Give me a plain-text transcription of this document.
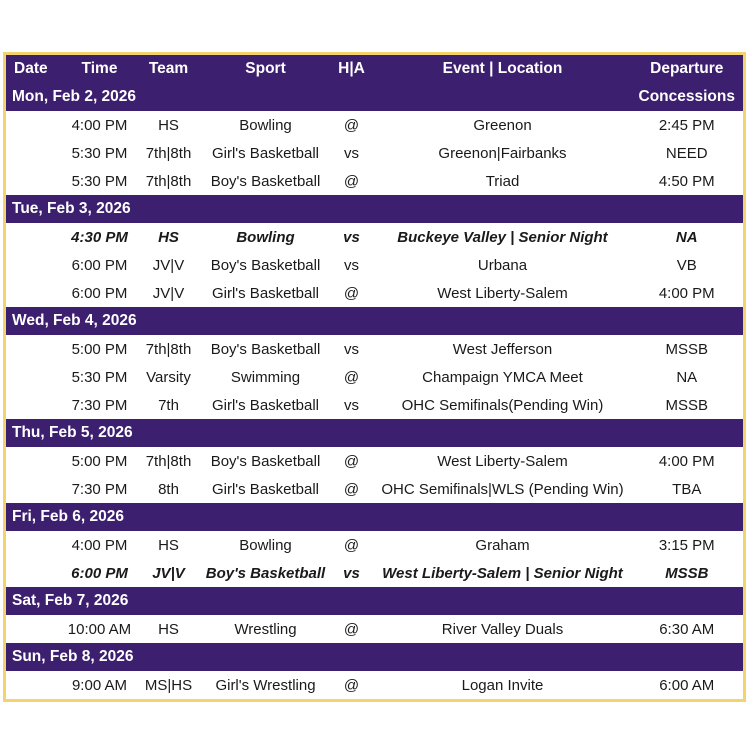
Date	Time	Team	Sport	H|A	Event | Location	Departure
Mon, Feb 2, 2026						Concessions
	4:00 PM	HS	Bowling	@	Greenon	2:45 PM
	5:30 PM	7th|8th	Girl's Basketball	vs	Greenon|Fairbanks	NEED
	5:30 PM	7th|8th	Boy's Basketball	@	Triad	4:50 PM
Tue, Feb 3, 2026						
	4:30 PM	HS	Bowling	vs	Buckeye Valley | Senior Night	NA
	6:00 PM	JV|V	Boy's Basketball	vs	Urbana	VB
	6:00 PM	JV|V	Girl's Basketball	@	West Liberty-Salem	4:00 PM
Wed, Feb 4, 2026						
	5:00 PM	7th|8th	Boy's Basketball	vs	West Jefferson	MSSB
	5:30 PM	Varsity	Swimming	@	Champaign YMCA Meet	NA
	7:30 PM	7th	Girl's Basketball	vs	OHC Semifinals(Pending Win)	MSSB
Thu, Feb 5, 2026						
	5:00 PM	7th|8th	Boy's Basketball	@	West Liberty-Salem	4:00 PM
	7:30 PM	8th	Girl's Basketball	@	OHC Semifinals|WLS (Pending Win)	TBA
Fri, Feb 6, 2026						
	4:00 PM	HS	Bowling	@	Graham	3:15 PM
	6:00 PM	JV|V	Boy's Basketball	vs	West Liberty-Salem | Senior Night	MSSB
Sat, Feb 7, 2026						
	10:00 AM	HS	Wrestling	@	River Valley Duals	6:30 AM
Sun, Feb 8, 2026						
	9:00 AM	MS|HS	Girl's Wrestling	@	Logan Invite	6:00 AM
